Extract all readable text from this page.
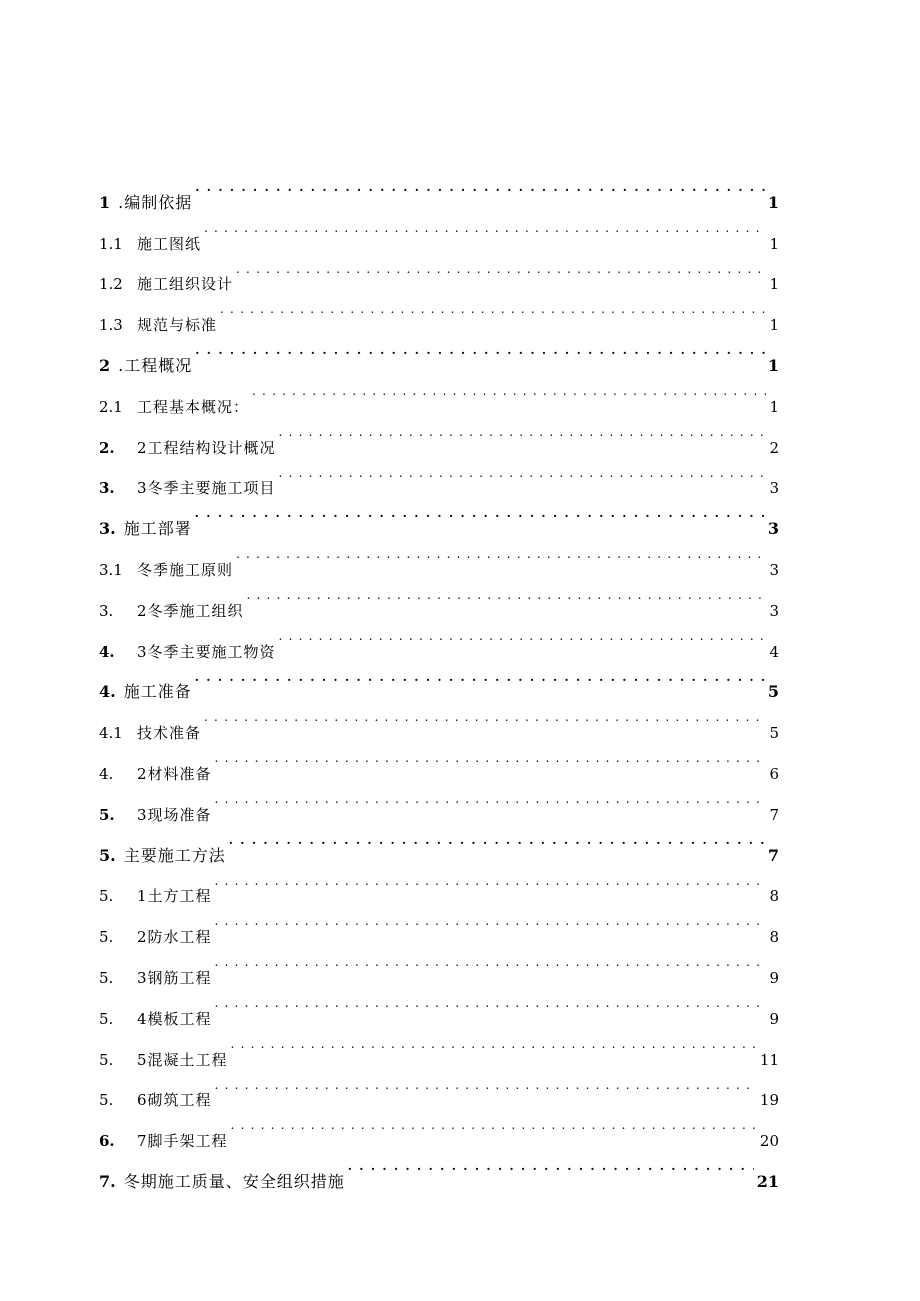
1 .编制依据 . . .	1
1.1 施工图纸 . . .	1
1.2 施工组织设计 . . .	1
1.3 规范与标准 . . .	1
2 .工程概况 . . .	1
2.1 工程基本概况： . . .	1
2.	2工程结构设计概况 . . .	2
3.	3冬季主要施工项目 . . .	3
3. 施工部署 . . .	3
3.1 冬季施工原则 . . .	3
3.	2冬季施工组织 . . .	3
4.	3冬季主要施工物资 . . .	4
4. 施工准备 . . .	5
4.1 技术准备 . . .	5
4.	2材料准备 . . .	6
5.	3现场准备 . . .	7
5. 主要施工方法 . . .	7
5.	1土方工程 . . .	8
5.	2防水工程 . . .	8
5.	3钢筋工程 . . .	9
5.	4模板工程 . . .	9
5.	5混凝土工程 . . .	11
5.	6砌筑工程 . . .	19
6.	7脚手架工程 . . .	20
7. 冬期施工质量、安全组织措施 . . .	21
